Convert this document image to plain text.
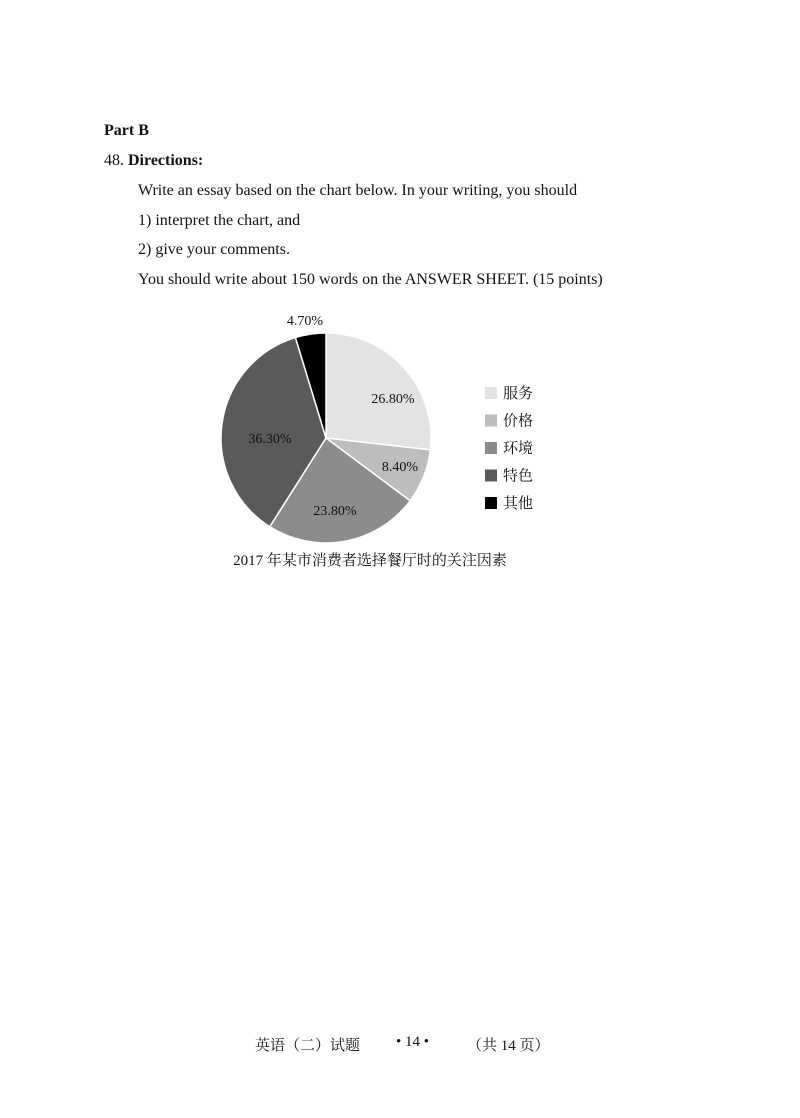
Part B
48. Directions:
Write an essay based on the chart below. In your writing, you should
1) interpret the chart, and
2) give your comments.
You should write about 150 words on the ANSWER SHEET. (15 points)
26.80%
8.40%
23.80%
36.30%
4.70%
服务
价格
环境
特色
其他
2017 年某市消费者选择餐厅时的关注因素
英语（二）试题 • 14 •	（共 14 页）
